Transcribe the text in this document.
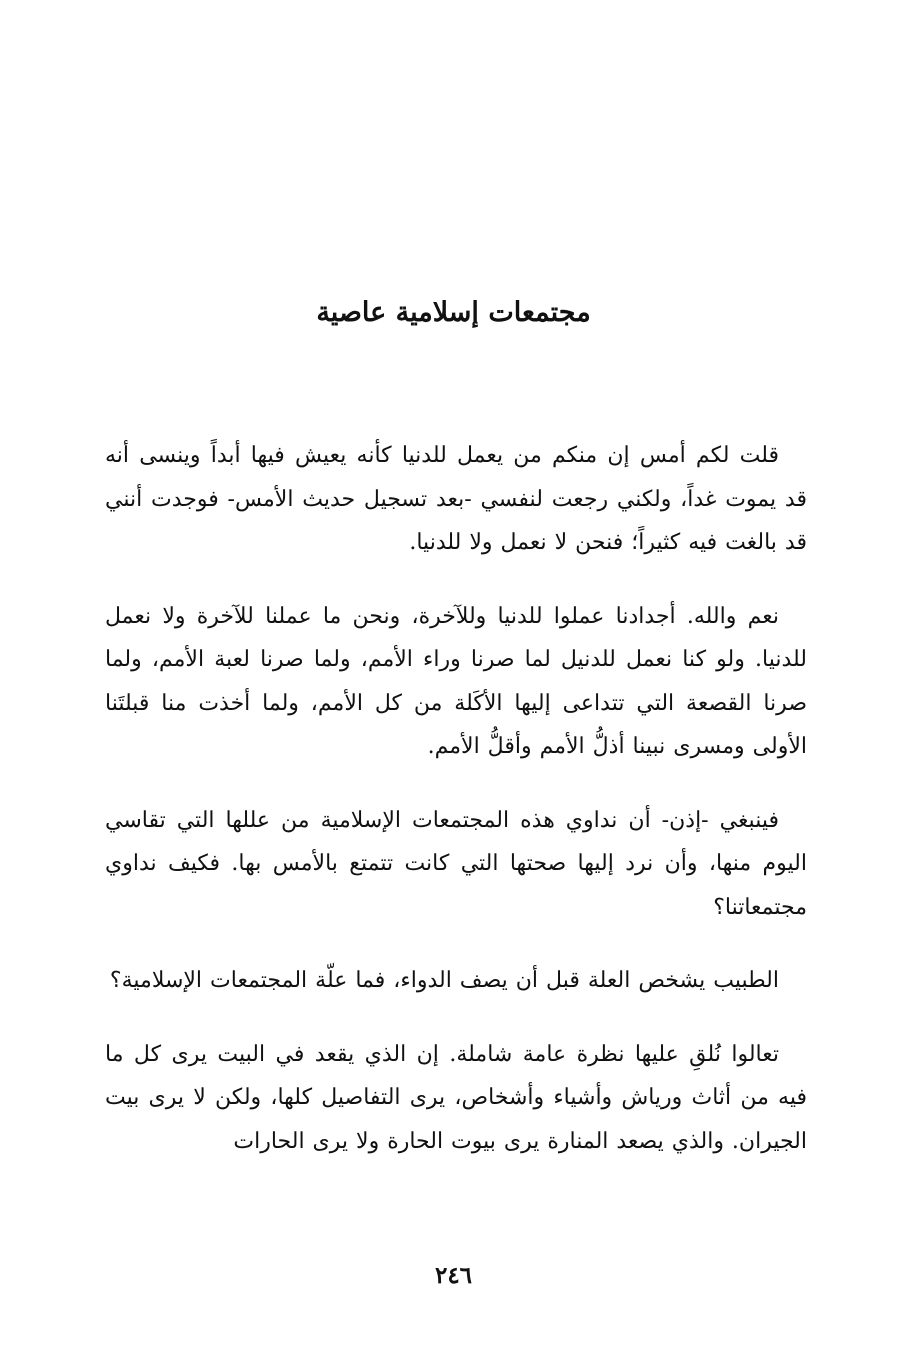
مجتمعات إسلامية عاصية

قلت لكم أمس إن منكم من يعمل للدنيا كأنه يعيش فيها أبداً وينسى أنه قد يموت غداً، ولكني رجعت لنفسي -بعد تسجيل حديث الأمس- فوجدت أنني قد بالغت فيه كثيراً؛ فنحن لا نعمل ولا للدنيا.

نعم والله. أجدادنا عملوا للدنيا وللآخرة، ونحن ما عملنا للآخرة ولا نعمل للدنيا. ولو كنا نعمل للدنيل لما صرنا وراء الأمم، ولما صرنا لعبة الأمم، ولما صرنا القصعة التي تتداعى إليها الأكَلة من كل الأمم، ولما أخذت منا قبلتَنا الأولى ومسرى نبينا أذلُّ الأمم وأقلُّ الأمم.

فينبغي -إذن- أن نداوي هذه المجتمعات الإسلامية من عللها التي تقاسي اليوم منها، وأن نرد إليها صحتها التي كانت تتمتع بالأمس بها. فكيف نداوي مجتمعاتنا؟

الطبيب يشخص العلة قبل أن يصف الدواء، فما علّة المجتمعات الإسلامية؟

تعالوا نُلقِ عليها نظرة عامة شاملة. إن الذي يقعد في البيت يرى كل ما فيه من أثاث ورياش وأشياء وأشخاص، يرى التفاصيل كلها، ولكن لا يرى بيت الجيران. والذي يصعد المنارة يرى بيوت الحارة ولا يرى الحارات

٢٤٦
